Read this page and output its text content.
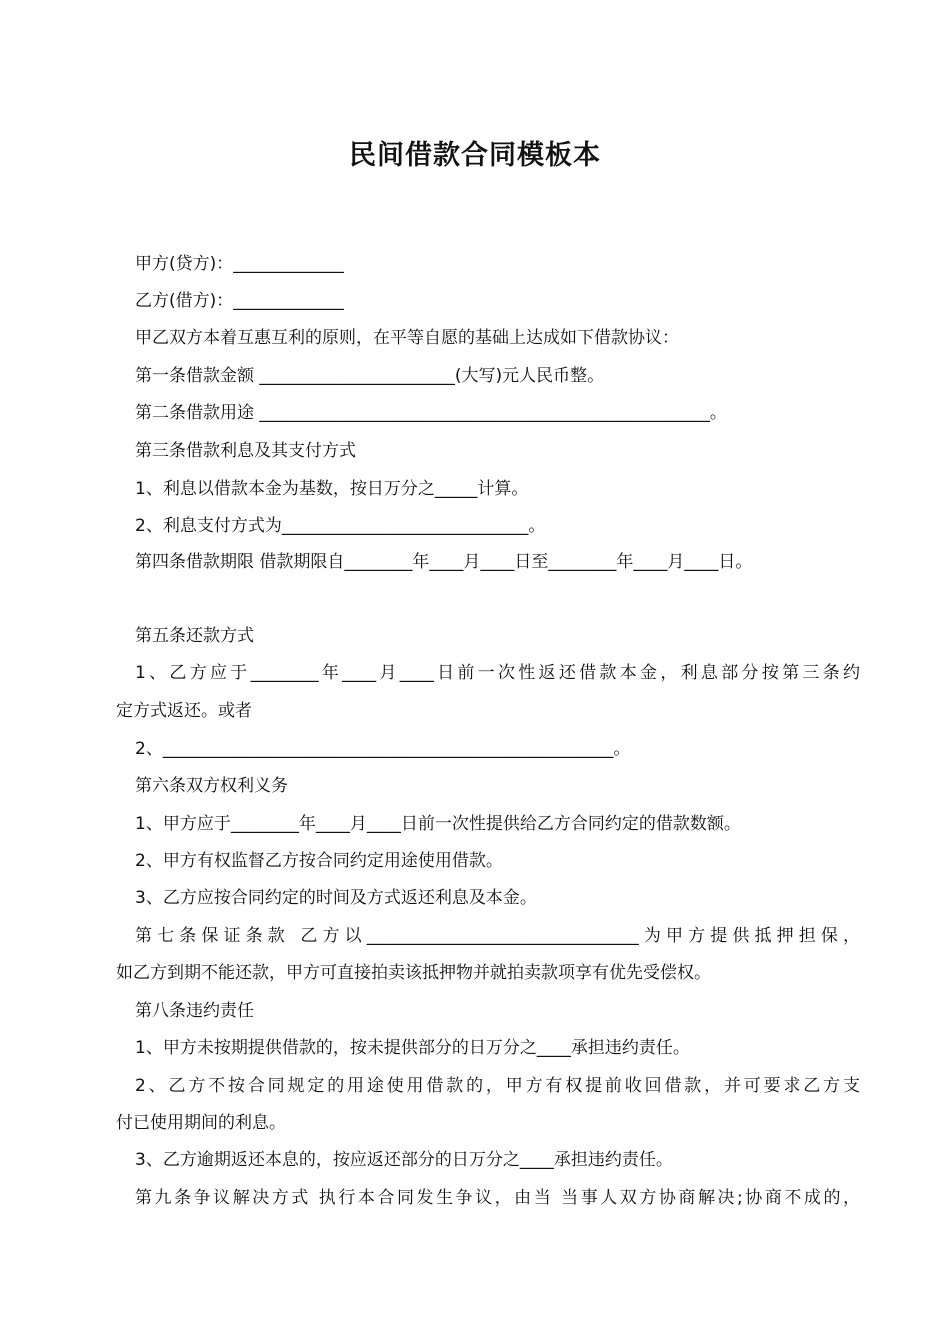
民间借款合同模板本

甲方(贷方)：_____________

乙方(借方)：_____________

甲乙双方本着互惠互利的原则，在平等自愿的基础上达成如下借款协议：

第一条借款金额 _______________________(大写)元人民币整。

第二条借款用途 _____________________________________________________。

第三条借款利息及其支付方式

1、利息以借款本金为基数，按日万分之_____计算。

2、利息支付方式为_____________________________。

第四条借款期限 借款期限自________年____月____日至________年____月____日。

第五条还款方式

1、乙方应于________年____月____日前一次性返还借款本金，利息部分按第三条约

定方式返还。或者

2、_____________________________________________________。

第六条双方权利义务

1、甲方应于________年____月____日前一次性提供给乙方合同约定的借款数额。

2、甲方有权监督乙方按合同约定用途使用借款。

3、乙方应按合同约定的时间及方式返还利息及本金。

第七条保证条款 乙方以________________________________为甲方提供抵押担保，

如乙方到期不能还款，甲方可直接拍卖该抵押物并就拍卖款项享有优先受偿权。

第八条违约责任

1、甲方未按期提供借款的，按未提供部分的日万分之____承担违约责任。

2、乙方不按合同规定的用途使用借款的，甲方有权提前收回借款，并可要求乙方支

付已使用期间的利息。

3、乙方逾期返还本息的，按应返还部分的日万分之____承担违约责任。

第九条争议解决方式 执行本合同发生争议，由当 当事人双方协商解决;协商不成的，
